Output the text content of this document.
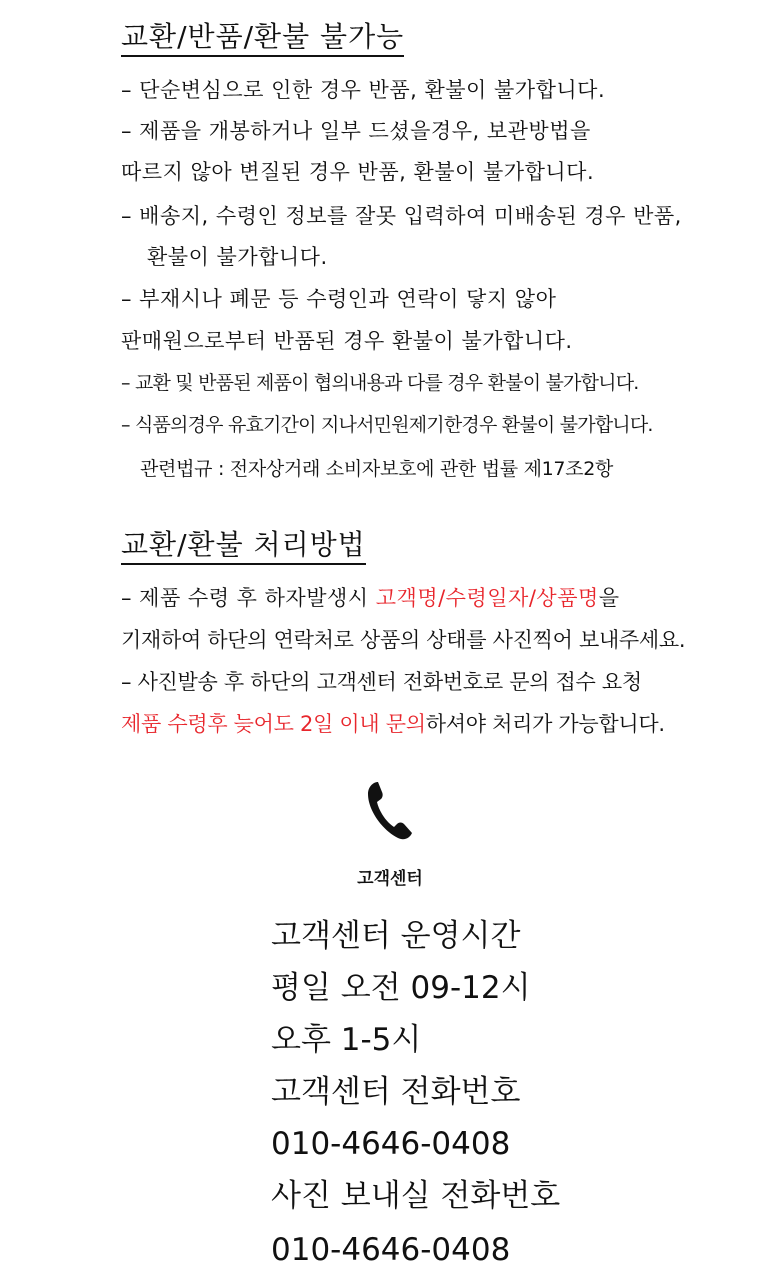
교환/반품/환불 불가능
– 단순변심으로 인한 경우 반품, 환불이 불가합니다.
– 제품을 개봉하거나 일부 드셨을경우, 보관방법을
따르지 않아 변질된 경우 반품, 환불이 불가합니다.
– 배송지, 수령인 정보를 잘못 입력하여 미배송된 경우 반품,
환불이 불가합니다.
– 부재시나 폐문 등 수령인과 연락이 닿지 않아
판매원으로부터 반품된 경우 환불이 불가합니다.
– 교환 및 반품된 제품이 협의내용과 다를 경우 환불이 불가합니다.
– 식품의경우 유효기간이 지나서민원제기한경우 환불이 불가합니다.
관련법규 : 전자상거래 소비자보호에 관한 법률 제17조2항
교환/환불 처리방법
– 제품 수령 후 하자발생시 고객명/수령일자/상품명을
기재하여 하단의 연락처로 상품의 상태를 사진찍어 보내주세요.
– 사진발송 후 하단의 고객센터 전화번호로 문의 접수 요청
제품 수령후 늦어도 2일 이내 문의하셔야 처리가 가능합니다.
고객센터
고객센터 운영시간
평일 오전 09-12시
오후 1-5시
고객센터 전화번호
010-4646-0408
사진 보내실 전화번호
010-4646-0408
